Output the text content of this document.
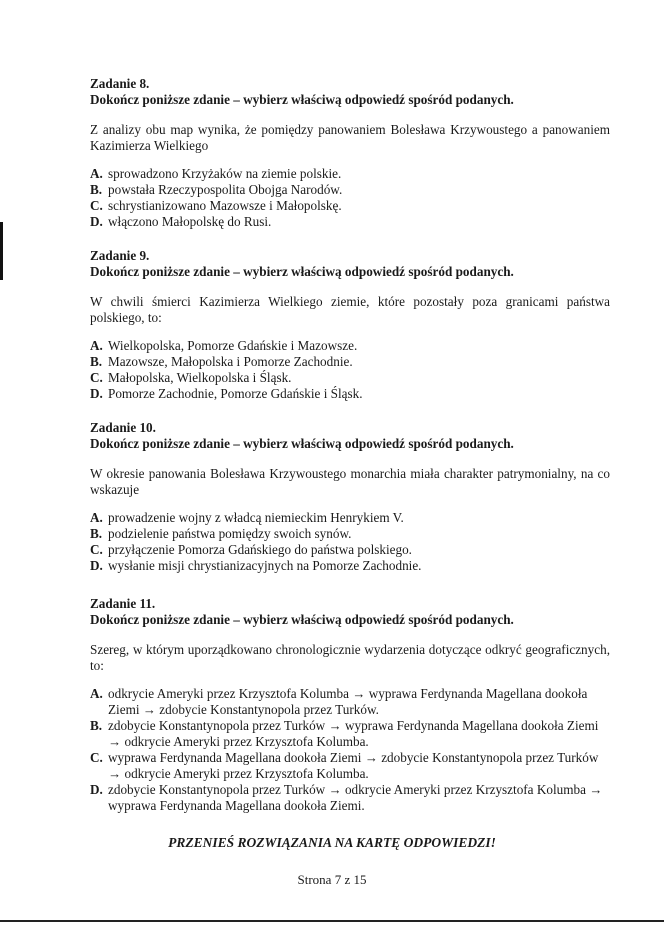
Zadanie 8.
Dokończ poniższe zdanie – wybierz właściwą odpowiedź spośród podanych.
Z analizy obu map wynika, że pomiędzy panowaniem Bolesława Krzywoustego a panowaniem Kazimierza Wielkiego
A. sprowadzono Krzyżaków na ziemie polskie.
B. powstała Rzeczypospolita Obojga Narodów.
C. schrystianizowano Mazowsze i Małopolskę.
D. włączono Małopolskę do Rusi.
Zadanie 9.
Dokończ poniższe zdanie – wybierz właściwą odpowiedź spośród podanych.
W chwili śmierci Kazimierza Wielkiego ziemie, które pozostały poza granicami państwa polskiego, to:
A. Wielkopolska, Pomorze Gdańskie i Mazowsze.
B. Mazowsze, Małopolska i Pomorze Zachodnie.
C. Małopolska, Wielkopolska i Śląsk.
D. Pomorze Zachodnie, Pomorze Gdańskie i Śląsk.
Zadanie 10.
Dokończ poniższe zdanie – wybierz właściwą odpowiedź spośród podanych.
W okresie panowania Bolesława Krzywoustego monarchia miała charakter patrymonialny, na co wskazuje
A. prowadzenie wojny z władcą niemieckim Henrykiem V.
B. podzielenie państwa pomiędzy swoich synów.
C. przyłączenie Pomorza Gdańskiego do państwa polskiego.
D. wysłanie misji chrystianizacyjnych na Pomorze Zachodnie.
Zadanie 11.
Dokończ poniższe zdanie – wybierz właściwą odpowiedź spośród podanych.
Szereg, w którym uporządkowano chronologicznie wydarzenia dotyczące odkryć geograficznych, to:
A. odkrycie Ameryki przez Krzysztofa Kolumba → wyprawa Ferdynanda Magellana dookoła Ziemi → zdobycie Konstantynopola przez Turków.
B. zdobycie Konstantynopola przez Turków → wyprawa Ferdynanda Magellana dookoła Ziemi → odkrycie Ameryki przez Krzysztofa Kolumba.
C. wyprawa Ferdynanda Magellana dookoła Ziemi → zdobycie Konstantynopola przez Turków → odkrycie Ameryki przez Krzysztofa Kolumba.
D. zdobycie Konstantynopola przez Turków → odkrycie Ameryki przez Krzysztofa Kolumba → wyprawa Ferdynanda Magellana dookoła Ziemi.
PRZENIEŚ ROZWIĄZANIA NA KARTĘ ODPOWIEDZI!
Strona 7 z 15
